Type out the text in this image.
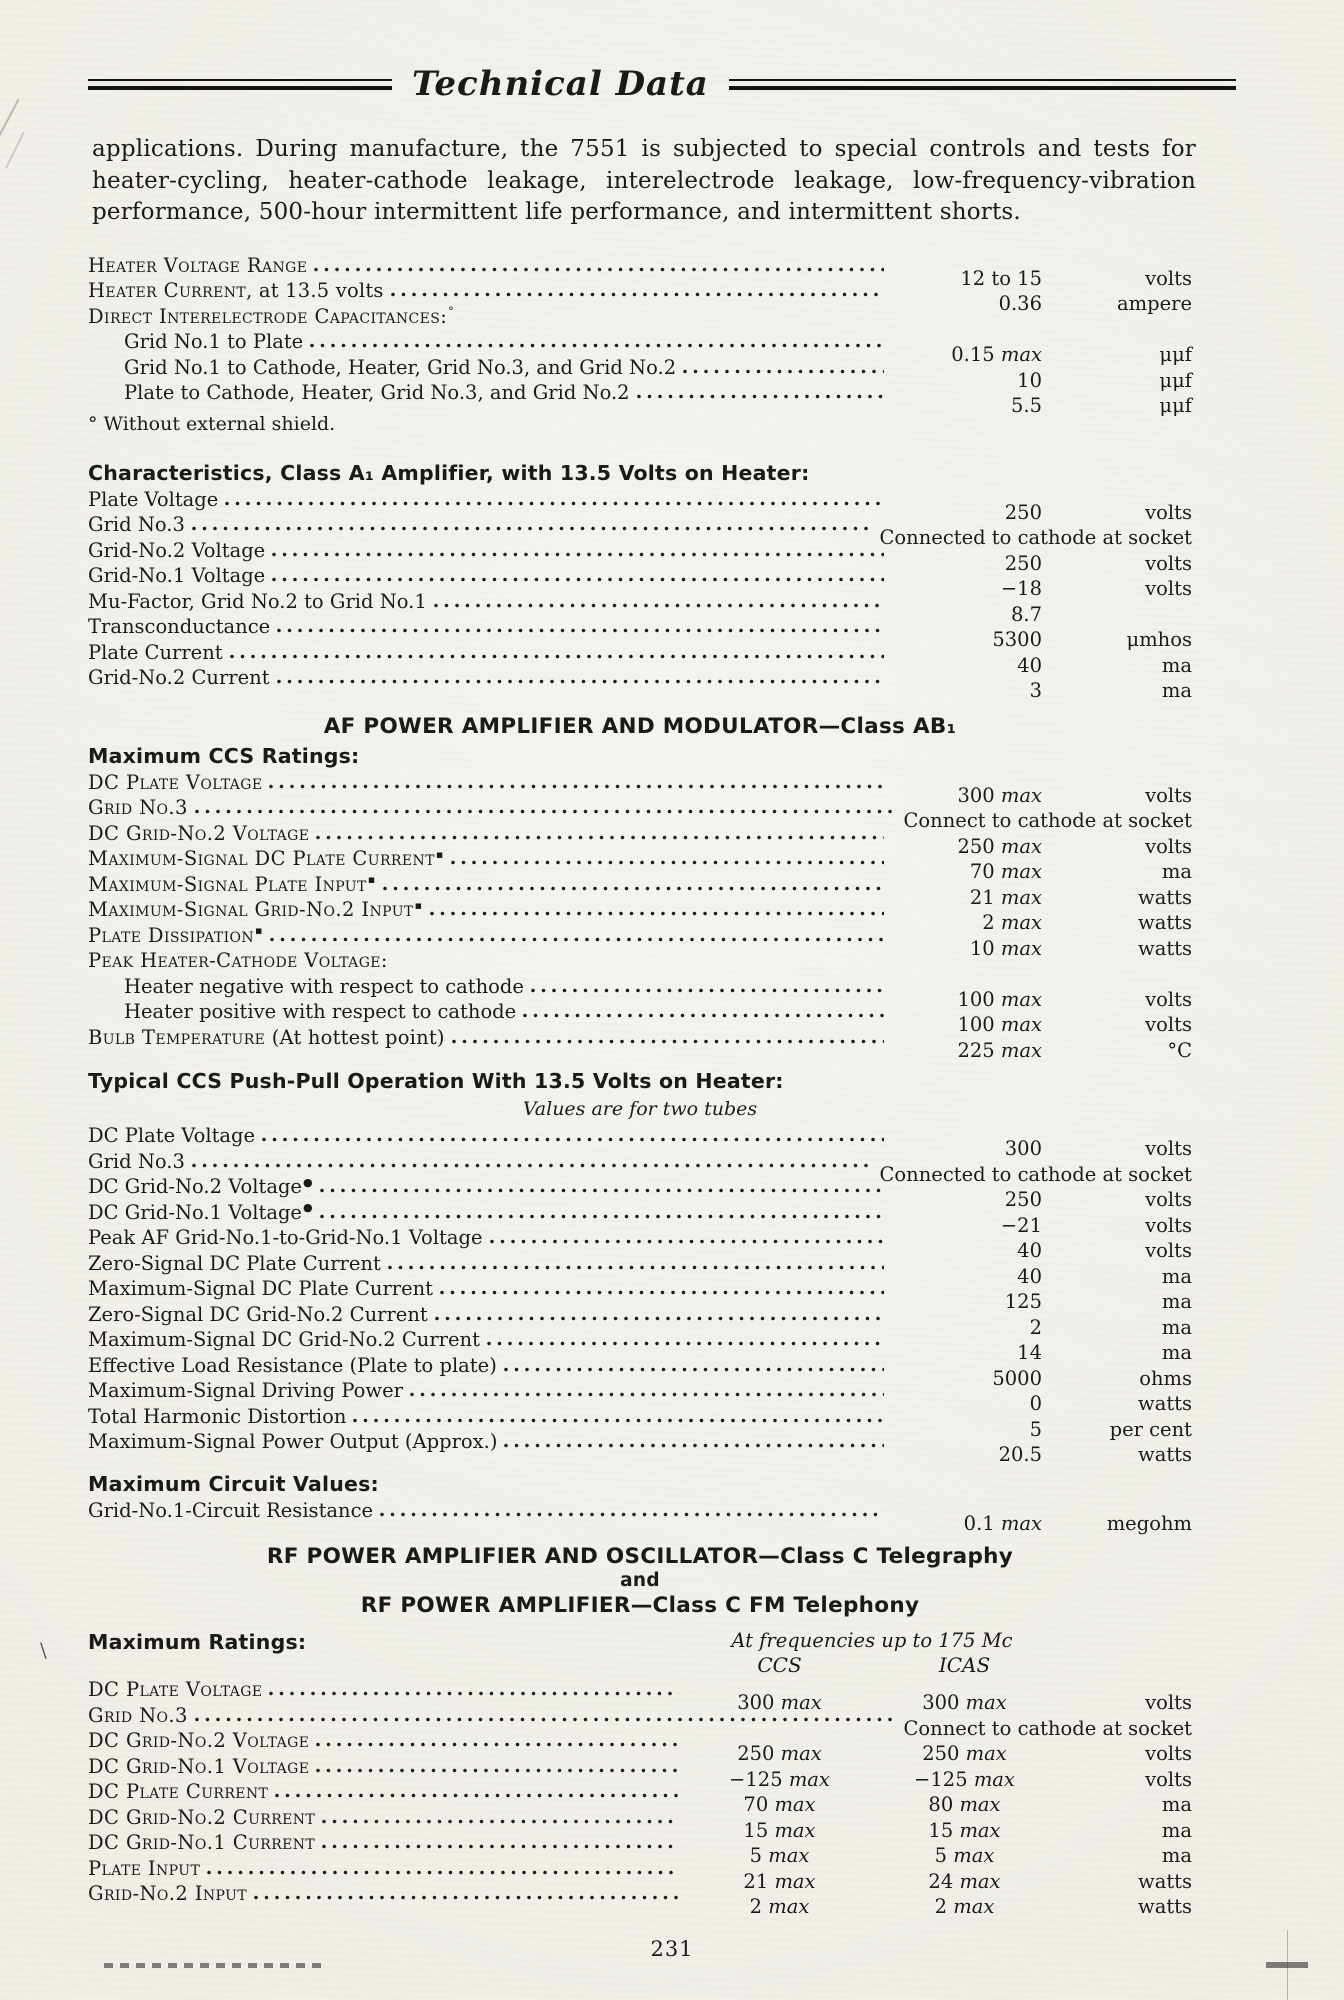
Technical Data

applications. During manufacture, the 7551 is subjected to special controls and tests for heater-cycling, heater-cathode leakage, interelectrode leakage, low-frequency-vibration performance, 500-hour intermittent life performance, and intermittent shorts.

Heater Voltage Range
12 to 15	volts
Heater Current, at 13.5 volts
0.36	ampere
Direct Interelectrode Capacitances:°
Grid No.1 to Plate
0.15 max	μμf
Grid No.1 to Cathode, Heater, Grid No.3, and Grid No.2
10	μμf
Plate to Cathode, Heater, Grid No.3, and Grid No.2
5.5	μμf

° Without external shield.

Characteristics, Class A₁ Amplifier, with 13.5 Volts on Heater:
Plate Voltage
250	volts
Grid No.3
Connected to cathode at socket
Grid-No.2 Voltage
250	volts
Grid-No.1 Voltage
−18	volts
Mu-Factor, Grid No.2 to Grid No.1
8.7
Transconductance
5300	μmhos
Plate Current
40	ma
Grid-No.2 Current
3	ma
AF POWER AMPLIFIER AND MODULATOR—Class AB₁
Maximum CCS Ratings:
DC Plate Voltage
300 max	volts
Grid No.3
Connect to cathode at socket
DC Grid-No.2 Voltage
250 max	volts
Maximum-Signal DC Plate Current▪
70 max	ma
Maximum-Signal Plate Input▪
21 max	watts
Maximum-Signal Grid-No.2 Input▪
2 max	watts
Plate Dissipation▪
10 max	watts
Peak Heater-Cathode Voltage:
Heater negative with respect to cathode
100 max	volts
Heater positive with respect to cathode
100 max	volts
Bulb Temperature (At hottest point)
225 max	°C
Typical CCS Push-Pull Operation With 13.5 Volts on Heater:

Values are for two tubes

DC Plate Voltage
300	volts
Grid No.3
Connected to cathode at socket
DC Grid-No.2 Voltage●
250	volts
DC Grid-No.1 Voltage●
−21	volts
Peak AF Grid-No.1-to-Grid-No.1 Voltage
40	volts
Zero-Signal DC Plate Current
40	ma
Maximum-Signal DC Plate Current
125	ma
Zero-Signal DC Grid-No.2 Current
2	ma
Maximum-Signal DC Grid-No.2 Current
14	ma
Effective Load Resistance (Plate to plate)
5000	ohms
Maximum-Signal Driving Power
0	watts
Total Harmonic Distortion
5	per cent
Maximum-Signal Power Output (Approx.)
20.5	watts
Maximum Circuit Values:
Grid-No.1-Circuit Resistance
0.1 max	megohm
RF POWER AMPLIFIER AND OSCILLATOR—Class C Telegraphy
and
RF POWER AMPLIFIER—Class C FM Telephony
Maximum Ratings:	At frequencies up to 175 Mc
CCS	ICAS
DC Plate Voltage
300 max	300 max	volts
Grid No.3
Connect to cathode at socket
DC Grid-No.2 Voltage
250 max	250 max	volts
DC Grid-No.1 Voltage
−125 max	−125 max	volts
DC Plate Current
70 max	80 max	ma
DC Grid-No.2 Current
15 max	15 max	ma
DC Grid-No.1 Current
5 max	5 max	ma
Plate Input
21 max	24 max	watts
Grid-No.2 Input
2 max	2 max	watts
231
\
